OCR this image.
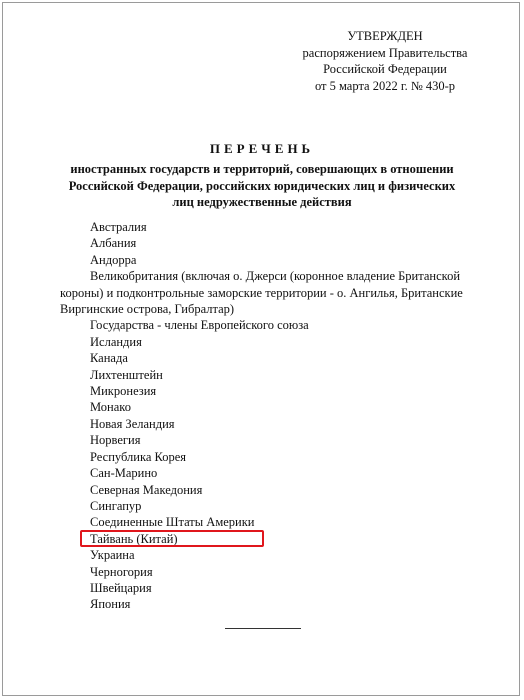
УТВЕРЖДЕН
распоряжением Правительства
Российской Федерации
от 5 марта 2022 г. № 430-р
ПЕРЕЧЕНЬ
иностранных государств и территорий, совершающих в отношении
Российской Федерации, российских юридических лиц и физических
лиц недружественные действия
Австралия
Албания
Андорра
Великобритания (включая о. Джерси (коронное владение Британской
короны) и подконтрольные заморские территории - о. Ангилья, Британские
Виргинские острова, Гибралтар)
Государства - члены Европейского союза
Исландия
Канада
Лихтенштейн
Микронезия
Монако
Новая Зеландия
Норвегия
Республика Корея
Сан-Марино
Северная Македония
Сингапур
Соединенные Штаты Америки
Тайвань (Китай)
Украина
Черногория
Швейцария
Япония
